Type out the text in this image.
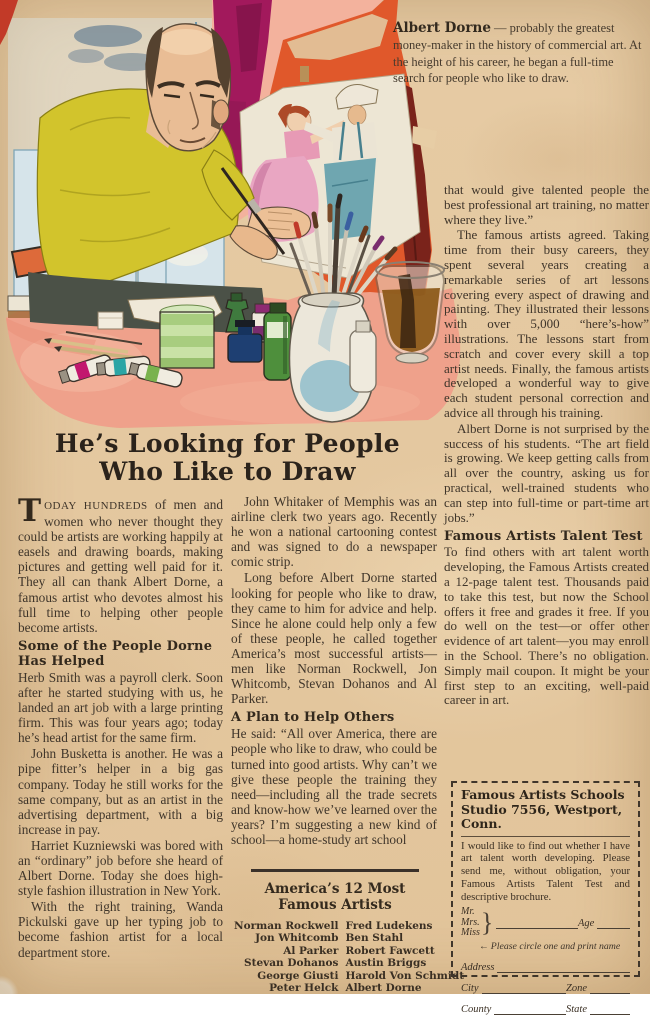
Albert Dorne — probably the greatest money-maker in the history of commercial art. At the height of his career, he began a full-time search for people who like to draw.
He’s Looking for People
Who Like to Draw

TODAY HUNDREDS of men and women who never thought they could be artists are working happily at easels and drawing boards, making pictures and getting well paid for it. They all can thank Albert Dorne, a famous artist who devotes almost his full time to helping other people become artists.

Some of the People Dorne Has Helped

Herb Smith was a payroll clerk. Soon after he started studying with us, he landed an art job with a large printing firm. This was four years ago; today he’s head artist for the same firm.

John Busketta is another. He was a pipe fitter’s helper in a big gas company. Today he still works for the same company, but as an artist in the advertising department, with a big increase in pay.

Harriet Kuzniewski was bored with an “ordinary” job before she heard of Albert Dorne. Today she does high-style fashion illustration in New York.

With the right training, Wanda Pickulski gave up her typing job to become fashion artist for a local department store.

John Whitaker of Memphis was an airline clerk two years ago. Recently he won a national cartooning contest and was signed to do a newspaper comic strip.

Long before Albert Dorne started looking for people who like to draw, they came to him for advice and help. Since he alone could help only a few of these people, he called together America’s most successful artists—men like Norman Rockwell, Jon Whitcomb, Stevan Dohanos and Al Parker.

A Plan to Help Others

He said: “All over America, there are people who like to draw, who could be turned into good artists. Why can’t we give these people the training they need—including all the trade secrets and know-how we’ve learned over the years? I’m suggesting a new kind of school—a home-study art school

that would give talented people the best professional art training, no matter where they live.”

The famous artists agreed. Taking time from their busy careers, they spent several years creating a remarkable series of art lessons covering every aspect of drawing and painting. They illustrated their lessons with over 5,000 “here’s-how” illustrations. The lessons start from scratch and cover every skill a top artist needs. Finally, the famous artists developed a wonderful way to give each student personal correction and advice all through his training.

Albert Dorne is not surprised by the success of his students. “The art field is growing. We keep getting calls from all over the country, asking us for practical, well-trained students who can step into full-time or part-time art jobs.”

Famous Artists Talent Test

To find others with art talent worth developing, the Famous Artists created a 12-page talent test. Thousands paid to take this test, but now the School offers it free and grades it free. If you do well on the test—or offer other evidence of art talent—you may enroll in the School. There’s no obligation. Simply mail coupon. It might be your first step to an exciting, well-paid career in art.

America’s 12 Most
Famous Artists
Norman Rockwell
Jon Whitcomb
Al Parker
Stevan Dohanos
George Giusti
Peter Helck
Fred Ludekens
Ben Stahl
Robert Fawcett
Austin Briggs
Harold Von Schmidt
Albert Dorne
Famous Artists Schools
Studio 7556, Westport, Conn.

I would like to find out whether I have art talent worth developing. Please send me, without obligation, your Famous Artists Talent Test and descriptive brochure.

Mr.
Mrs.
Miss }	Age
← Please circle one and print name
Address
City	Zone
County	State
